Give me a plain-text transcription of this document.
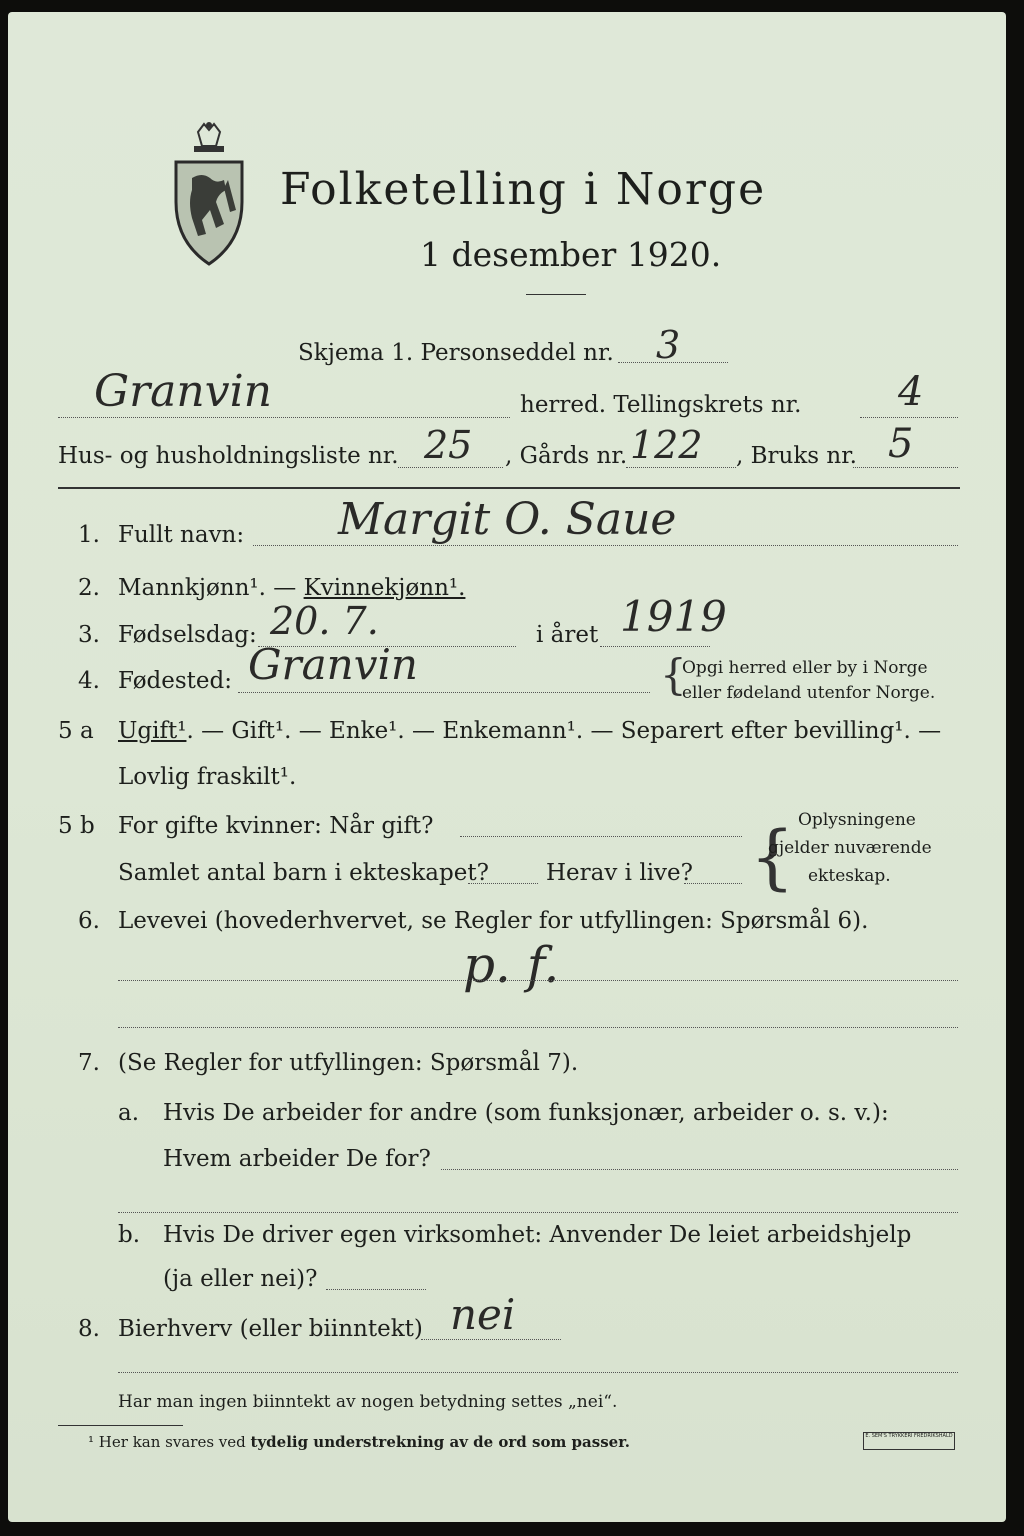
Folketelling i Norge
1 desember 1920.
Skjema 1. Personseddel nr. 3
Granvin	herred. Tellingskrets nr. 4
Hus- og husholdningsliste nr. 25 , Gårds nr. 122 , Bruks nr. 5
1. Fullt navn: Margit O. Saue
2. Mannkjønn¹. — Kvinnekjønn¹.
3. Fødselsdag: 20. 7.	i året 1919
4. Fødested: Granvin	{
Opgi herred eller by i Norge
eller fødeland utenfor Norge.
5 a Ugift¹. — Gift¹. — Enke¹. — Enkemann¹. — Separert efter bevilling¹. —
Lovlig fraskilt¹.
5 b For gifte kvinner: Når gift?
Samlet antal barn i ekteskapet? Herav i live? { Oplysningene
gjelder nuværende
ekteskap.
6. Levevei (hovederhvervet, se Regler for utfyllingen: Spørsmål 6).
p. f.
7. (Se Regler for utfyllingen: Spørsmål 7).
a. Hvis De arbeider for andre (som funksjonær, arbeider o. s. v.):
Hvem arbeider De for?
b. Hvis De driver egen virksomhet: Anvender De leiet arbeidshjelp
(ja eller nei)?
8. Bierhverv (eller biinntekt) nei
Har man ingen biinntekt av nogen betydning settes „nei“.
¹ Her kan svares ved tydelig understrekning av de ord som passer.	E. SEM'S TRYKKERI FREDRIKSHALD
